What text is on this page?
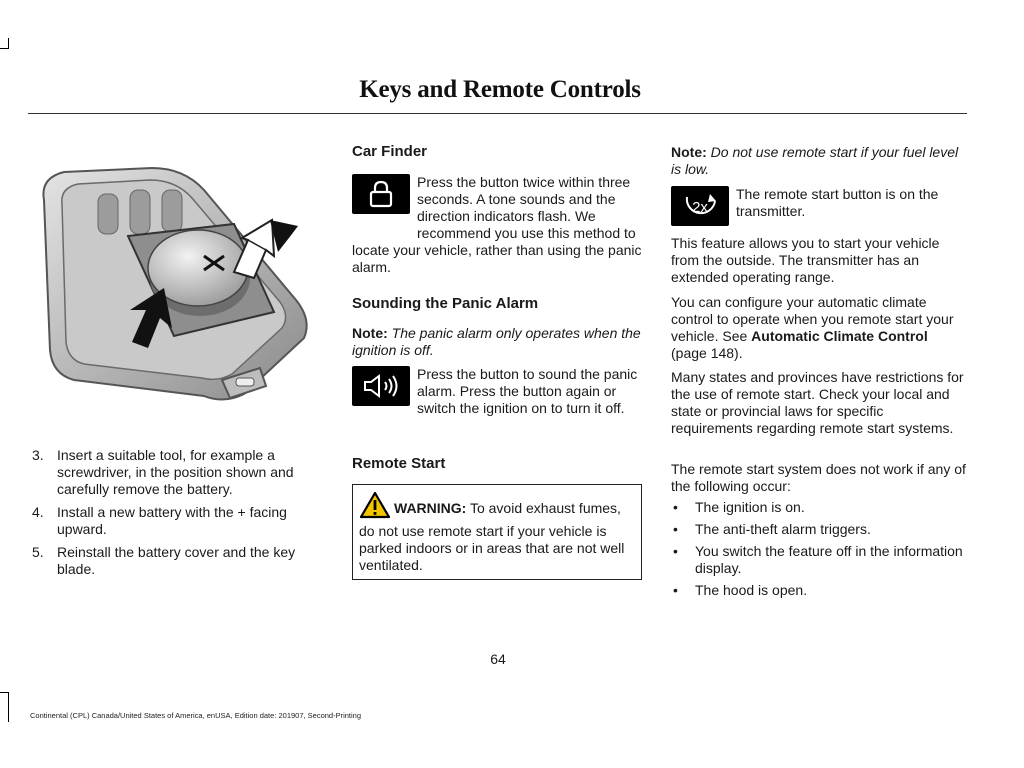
Keys and Remote Controls
3. Insert a suitable tool, for example a screwdriver, in the position shown and carefully remove the battery.
4. Install a new battery with the + facing upward.
5. Reinstall the battery cover and the key blade.
Car Finder

Press the button twice within three seconds. A tone sounds and the direction indicators flash. We recommend you use this method to locate your vehicle, rather than using the panic alarm.

Sounding the Panic Alarm

Note: The panic alarm only operates when the ignition is off.

Press the button to sound the panic alarm. Press the button again or switch the ignition on to turn it off.

Remote Start

WARNING: To avoid exhaust fumes, do not use remote start if your vehicle is parked indoors or in areas that are not well ventilated.

Note: Do not use remote start if your fuel level is low.

2x

The remote start button is on the transmitter.

This feature allows you to start your vehicle from the outside. The transmitter has an extended operating range.

You can configure your automatic climate control to operate when you remote start your vehicle. See Automatic Climate Control (page 148).

Many states and provinces have restrictions for the use of remote start. Check your local and state or provincial laws for specific requirements regarding remote start systems.

The remote start system does not work if any of the following occur:

• The ignition is on.
• The anti-theft alarm triggers.
• You switch the feature off in the information display.
• The hood is open.
64
Continental (CPL) Canada/United States of America, enUSA, Edition date: 201907, Second-Printing
